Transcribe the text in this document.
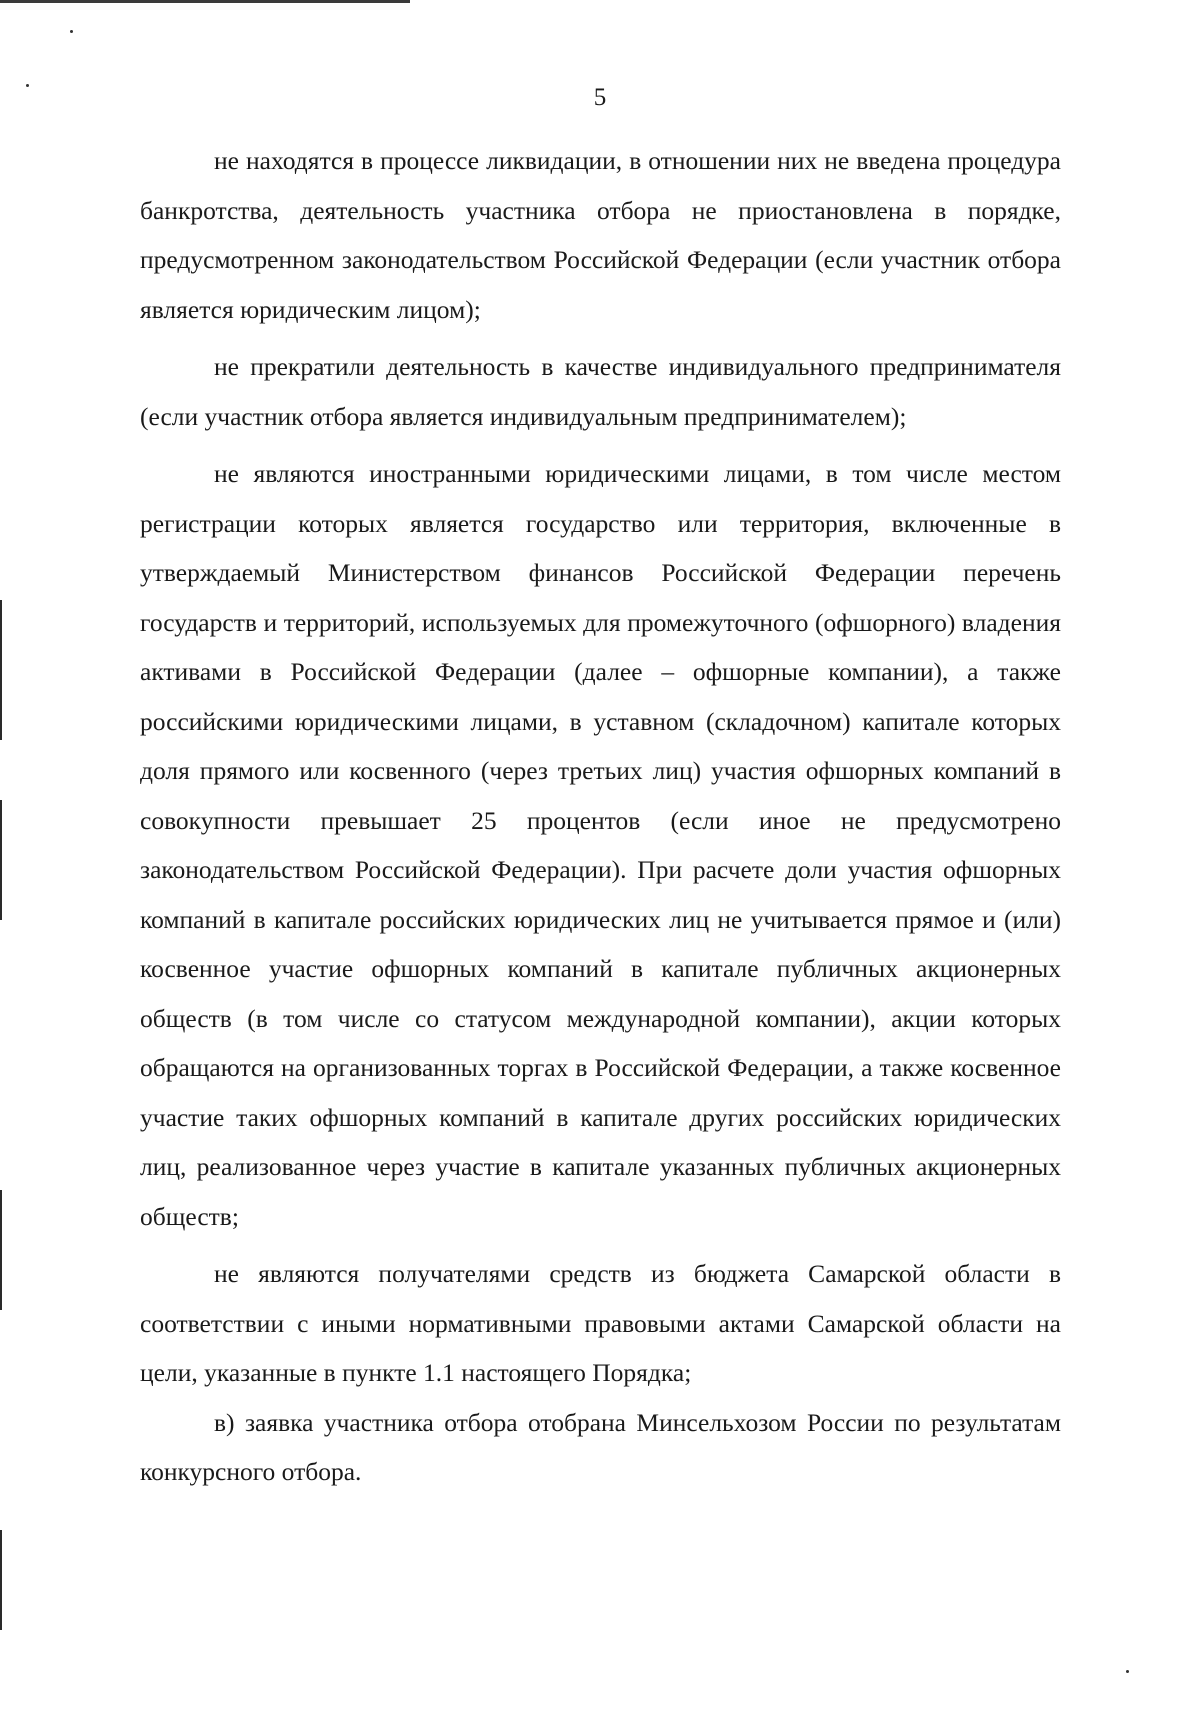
5

не находятся в процессе ликвидации, в отношении них не введена процедура банкротства, деятельность участника отбора не приостановлена в порядке, предусмотренном законодательством Российской Федерации (если участник отбора является юридическим лицом);

не прекратили деятельность в качестве индивидуального предпринимателя (если участник отбора является индивидуальным предпринимателем);

не являются иностранными юридическими лицами, в том числе местом регистрации которых является государство или территория, включенные в утверждаемый Министерством финансов Российской Федерации перечень государств и территорий, используемых для промежуточного (офшорного) владения активами в Российской Федерации (далее – офшорные компании), а также российскими юридическими лицами, в уставном (складочном) капитале которых доля прямого или косвенного (через третьих лиц) участия офшорных компаний в совокупности превышает 25 процентов (если иное не предусмотрено законодательством Российской Федерации). При расчете доли участия офшорных компаний в капитале российских юридических лиц не учитывается прямое и (или) косвенное участие офшорных компаний в капитале публичных акционерных обществ (в том числе со статусом международной компании), акции которых обращаются на организованных торгах в Российской Федерации, а также косвенное участие таких офшорных компаний в капитале других российских юридических лиц, реализованное через участие в капитале указанных публичных акционерных обществ;

не являются получателями средств из бюджета Самарской области в соответствии с иными нормативными правовыми актами Самарской области на цели, указанные в пункте 1.1 настоящего Порядка;

в) заявка участника отбора отобрана Минсельхозом России по результатам конкурсного отбора.
